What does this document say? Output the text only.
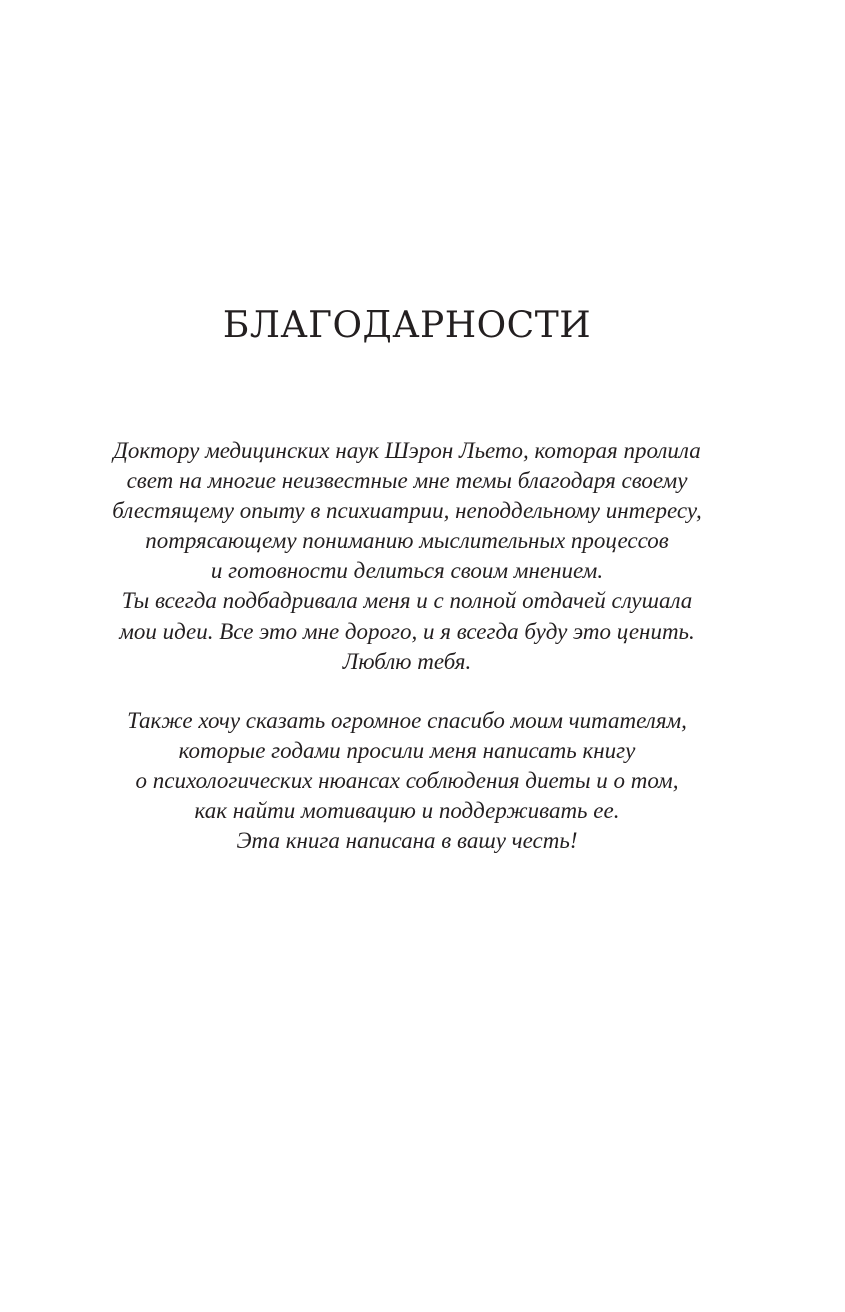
БЛАГОДАРНОСТИ
Доктору медицинских наук Шэрон Льето, которая пролила
свет на многие неизвестные мне темы благодаря своему
блестящему опыту в психиатрии, неподдельному интересу,
потрясающему пониманию мыслительных процессов
и готовности делиться своим мнением.
Ты всегда подбадривала меня и с полной отдачей слушала
мои идеи. Все это мне дорого, и я всегда буду это ценить.
Люблю тебя.
Также хочу сказать огромное спасибо моим читателям,
которые годами просили меня написать книгу
о психологических нюансах соблюдения диеты и о том,
как найти мотивацию и поддерживать ее.
Эта книга написана в вашу честь!
